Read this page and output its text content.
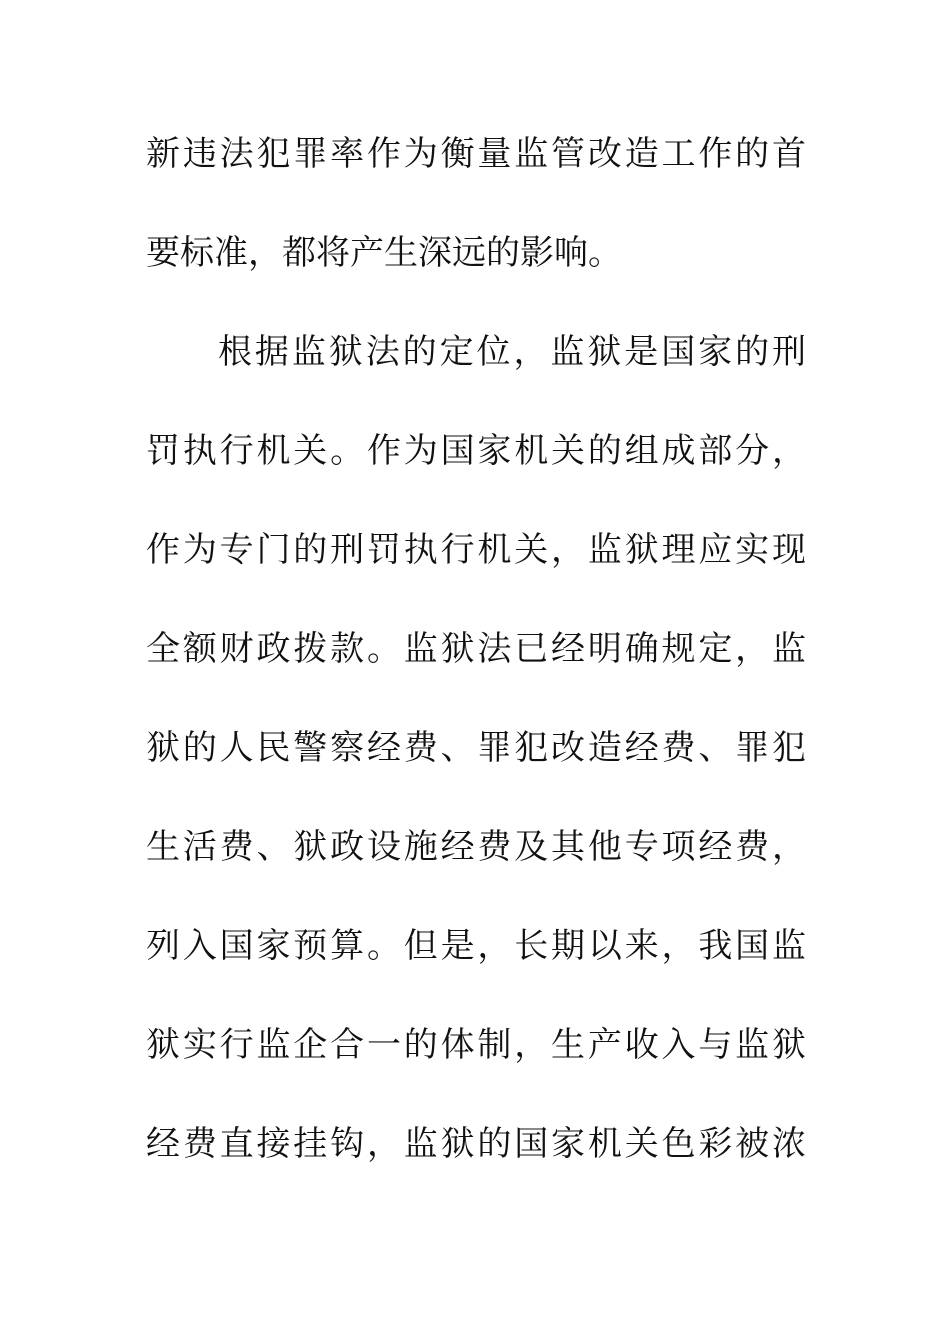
新违法犯罪率作为衡量监管改造工作的首
要标准，都将产生深远的影响。
根据监狱法的定位，监狱是国家的刑
罚执行机关。作为国家机关的组成部分，
作为专门的刑罚执行机关，监狱理应实现
全额财政拨款。监狱法已经明确规定，监
狱的人民警察经费、罪犯改造经费、罪犯
生活费、狱政设施经费及其他专项经费，
列入国家预算。但是，长期以来，我国监
狱实行监企合一的体制，生产收入与监狱
经费直接挂钩，监狱的国家机关色彩被浓
